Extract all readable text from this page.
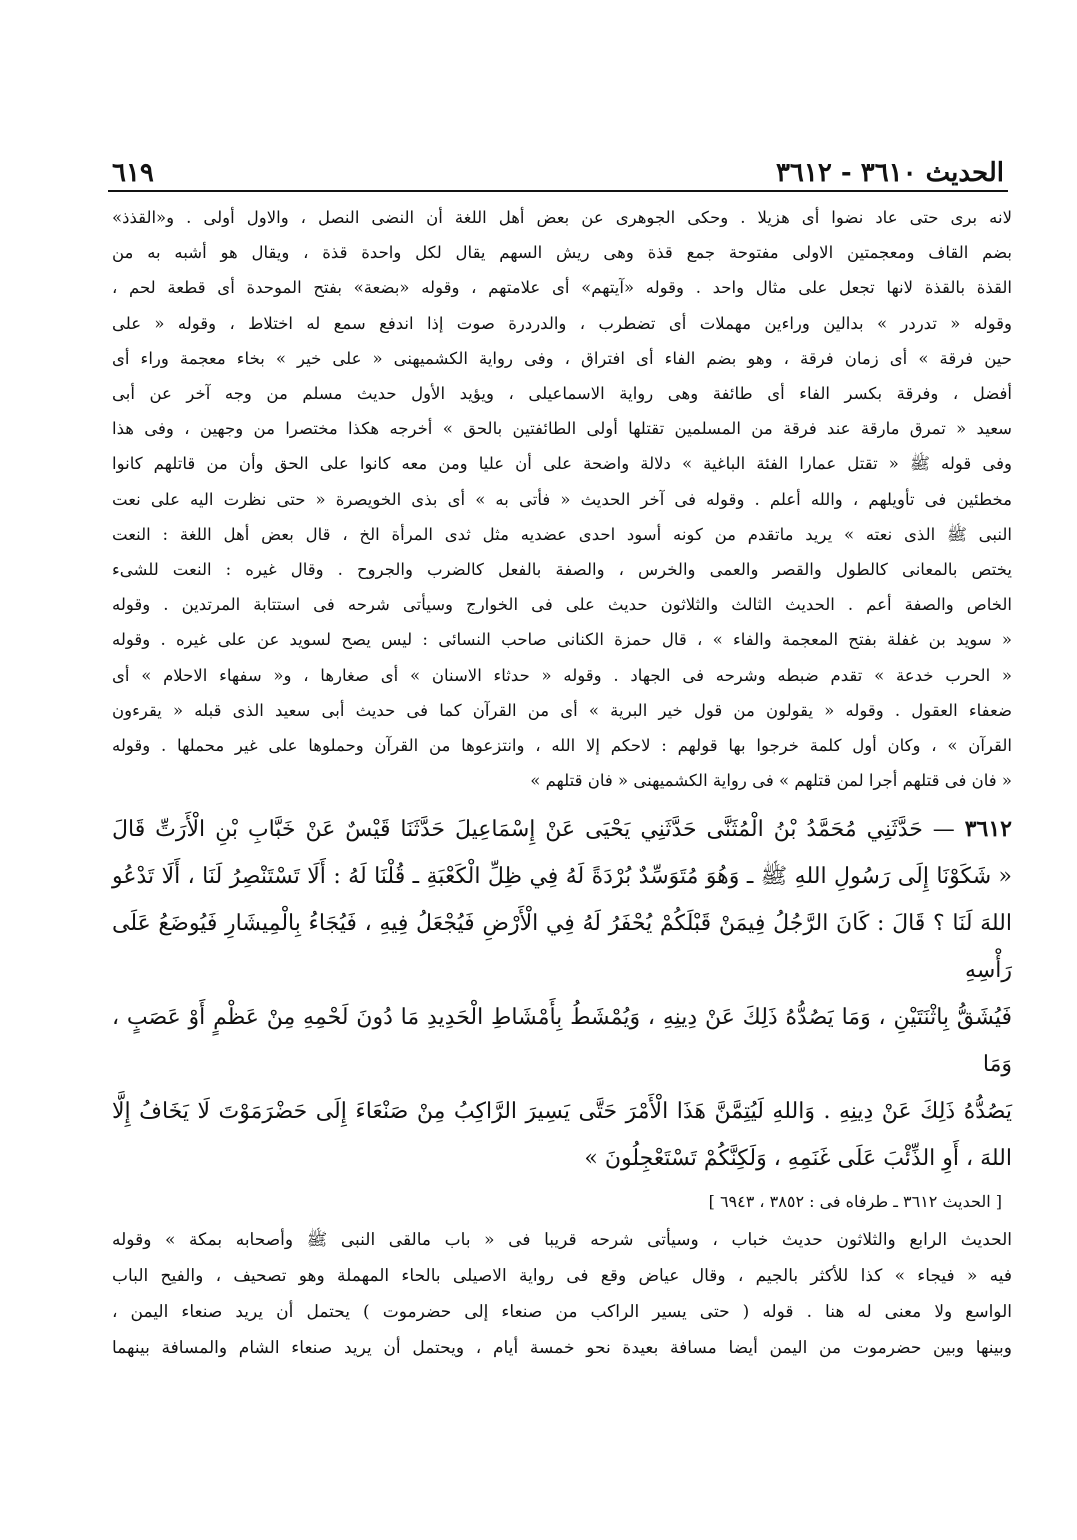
الحديث ٣٦١٠ - ٣٦١٢
٦١٩

لانه برى حتى عاد نضوا أى هزيلا . وحكى الجوهرى عن بعض أهل اللغة أن النضى النصل ، والاول أولى . و«القذذ»

بضم القاف ومعجمتين الاولى مفتوحة جمع قذة وهى ريش السهم يقال لكل واحدة قذة ، ويقال هو أشبه به من

القذة بالقذة لانها تجعل على مثال واحد . وقوله «آيتهم» أى علامتهم ، وقوله «بضعة» بفتح الموحدة أى قطعة لحم ،

وقوله « تدردر » بدالين وراءين مهملات أى تضطرب ، والدردرة صوت إذا اندفع سمع له اختلاط ، وقوله « على

حين فرقة » أى زمان فرقة ، وهو بضم الفاء أى افتراق ، وفى رواية الكشميهنى « على خير » بخاء معجمة وراء أى

أفضل ، وفرقة بكسر الفاء أى طائفة وهى رواية الاسماعيلى ، ويؤيد الأول حديث مسلم من وجه آخر عن أبى

سعيد « تمرق مارقة عند فرقة من المسلمين تقتلها أولى الطائفتين بالحق » أخرجه هكذا مختصرا من وجهين ، وفى هذا

وفى قوله ﷺ « تقتل عمارا الفئة الباغية » دلالة واضحة على أن عليا ومن معه كانوا على الحق وأن من قاتلهم كانوا

مخطئين فى تأويلهم ، والله أعلم . وقوله فى آخر الحديث « فأتى به » أى بذى الخويصرة « حتى نظرت اليه على نعت

النبى ﷺ الذى نعته » يريد ماتقدم من كونه أسود احدى عضديه مثل ثدى المرأة الخ ، قال بعض أهل اللغة : النعت

يختص بالمعانى كالطول والقصر والعمى والخرس ، والصفة بالفعل كالضرب والجروح . وقال غيره : النعت للشىء

الخاص والصفة أعم . الحديث الثالث والثلاثون حديث على فى الخوارج وسيأتى شرحه فى استتابة المرتدين . وقوله

« سويد بن غفلة بفتح المعجمة والفاء » ، قال حمزة الكنانى صاحب النسائى : ليس يصح لسويد عن على غيره . وقوله

« الحرب خدعة » تقدم ضبطه وشرحه فى الجهاد . وقوله « حدثاء الاسنان » أى صغارها ، و« سفهاء الاحلام » أى

ضعفاء العقول . وقوله « يقولون من قول خير البرية » أى من القرآن كما فى حديث أبى سعيد الذى قبله « يقرءون

القرآن » ، وكان أول كلمة خرجوا بها قولهم : لاحكم إلا الله ، وانتزعوها من القرآن وحملوها على غير محملها . وقوله

« فان فى قتلهم أجرا لمن قتلهم » فى رواية الكشميهنى « فان قتلهم »

٣٦١٢ — حَدَّثَنِي مُحَمَّدُ بْنُ الْمُثَنَّى حَدَّثَنِي يَحْيَى عَنْ إِسْمَاعِيلَ حَدَّثَنَا قَيْسٌ عَنْ خَبَّابِ بْنِ الْأَرَتِّ قَالَ

« شَكَوْنَا إِلَى رَسُولِ اللهِ ﷺ ـ وَهُوَ مُتَوَسِّدٌ بُرْدَةً لَهُ فِي ظِلِّ الْكَعْبَةِ ـ قُلْنَا لَهُ : أَلَا تَسْتَنْصِرُ لَنَا ، أَلَا تَدْعُو

اللهَ لَنَا ؟ قَالَ : كَانَ الرَّجُلُ فِيمَنْ قَبْلَكُمْ يُحْفَرُ لَهُ فِي الْأَرْضِ فَيُجْعَلُ فِيهِ ، فَيُجَاءُ بِالْمِيشَارِ فَيُوضَعُ عَلَى رَأْسِهِ

فَيُشَقُّ بِاثْنَتَيْنِ ، وَمَا يَصُدُّهُ ذَلِكَ عَنْ دِينِهِ ، وَيُمْشَطُ بِأَمْشَاطِ الْحَدِيدِ مَا دُونَ لَحْمِهِ مِنْ عَظْمٍ أَوْ عَصَبٍ ، وَمَا

يَصُدُّهُ ذَلِكَ عَنْ دِينِهِ . وَاللهِ لَيُتِمَّنَّ هَذَا الْأَمْرَ حَتَّى يَسِيرَ الرَّاكِبُ مِنْ صَنْعَاءَ إِلَى حَضْرَمَوْتَ لَا يَخَافُ إِلَّا

اللهَ ، أَوِ الذِّئْبَ عَلَى غَنَمِهِ ، وَلَكِنَّكُمْ تَسْتَعْجِلُونَ »

[ الحديث ٣٦١٢ ـ طرفاه فى : ٣٨٥٢ ، ٦٩٤٣ ]

الحديث الرابع والثلاثون حديث خباب ، وسيأتى شرحه قريبا فى « باب مالقى النبى ﷺ وأصحابه بمكة » وقوله

فيه « فيجاء » كذا للأكثر بالجيم ، وقال عياض وقع فى رواية الاصيلى بالحاء المهملة وهو تصحيف ، والفيح الباب

الواسع ولا معنى له هنا . قوله ( حتى يسير الراكب من صنعاء إلى حضرموت ) يحتمل أن يريد صنعاء اليمن ،

وبينها وبين حضرموت من اليمن أيضا مسافة بعيدة نحو خمسة أيام ، ويحتمل أن يريد صنعاء الشام والمسافة بينهما
